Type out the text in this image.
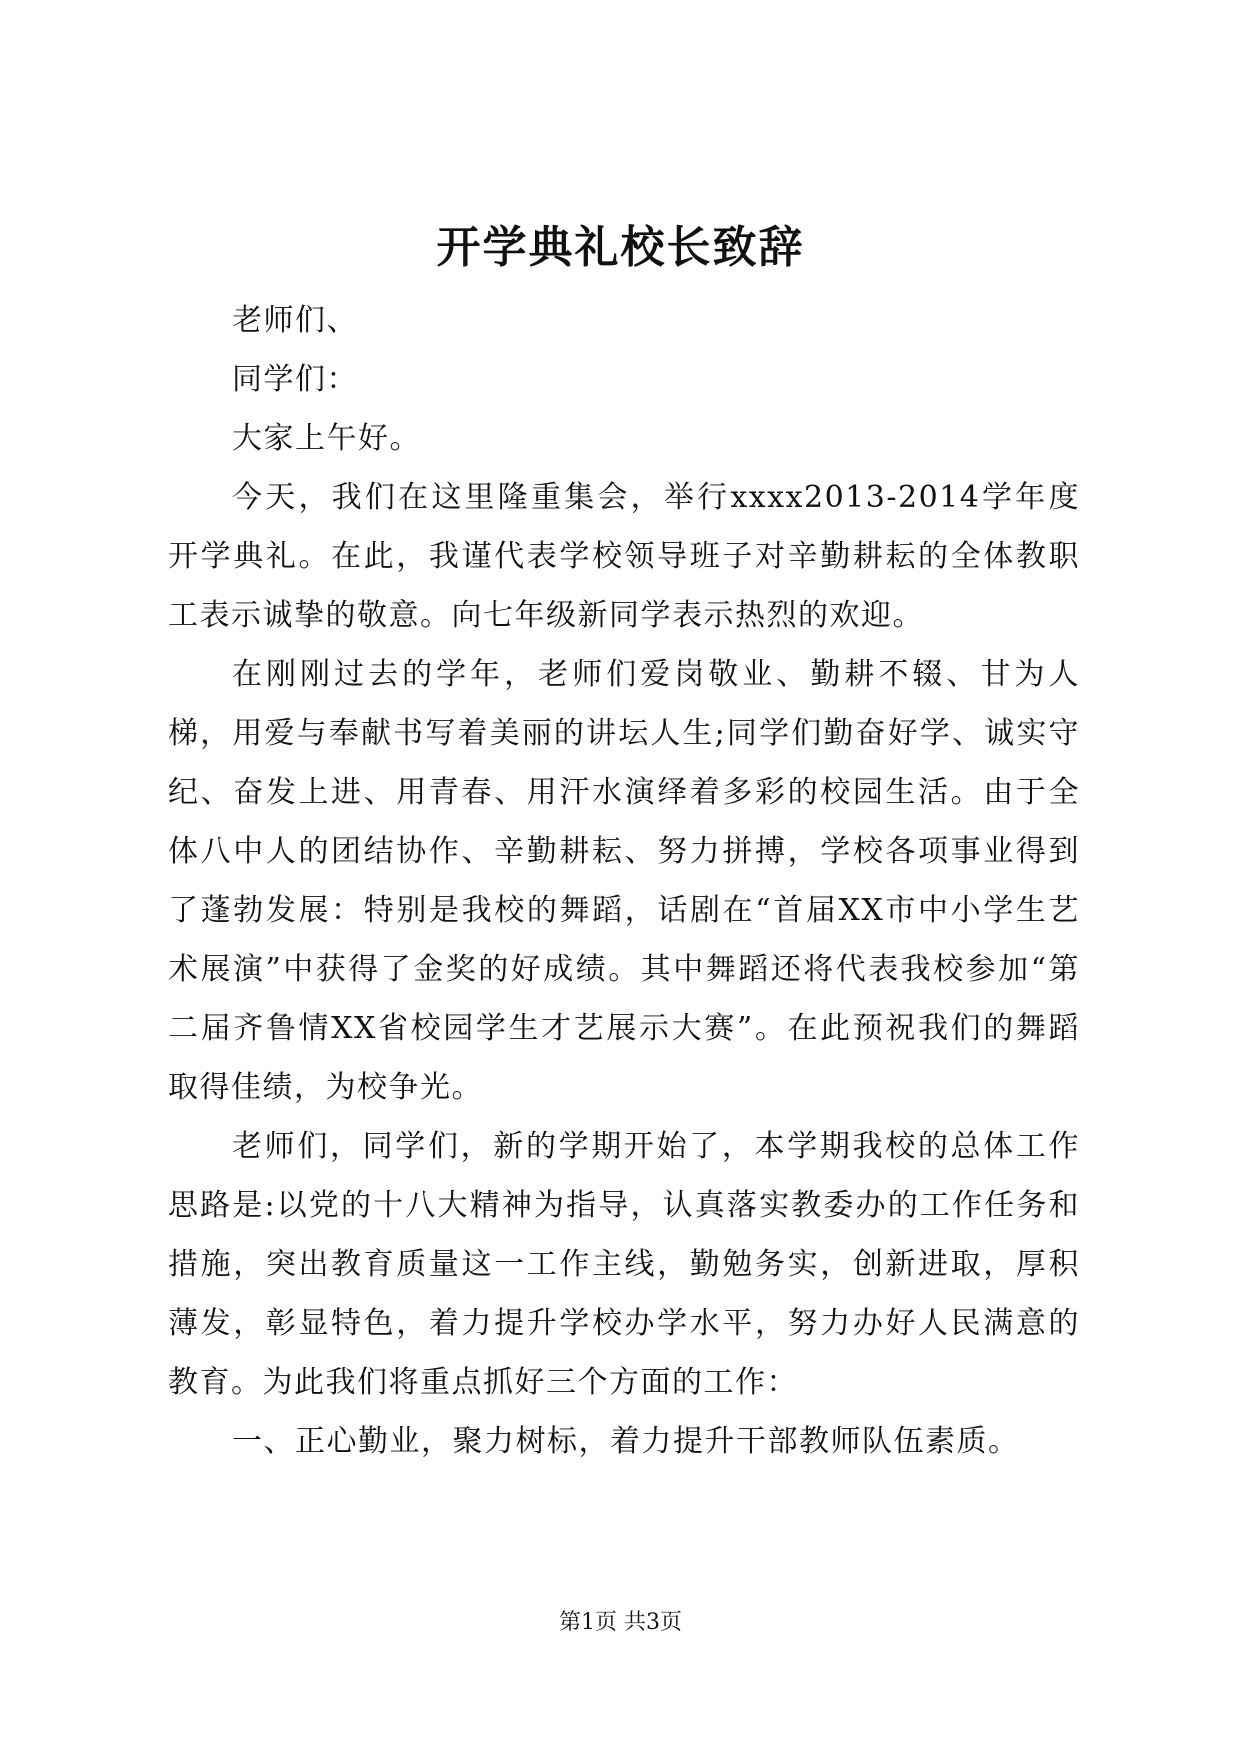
开学典礼校长致辞

老师们、

同学们：

大家上午好。

今天，我们在这里隆重集会，举行xxxx2013-2014学年度开学典礼。在此，我谨代表学校领导班子对辛勤耕耘的全体教职工表示诚挚的敬意。向七年级新同学表示热烈的欢迎。

在刚刚过去的学年，老师们爱岗敬业、勤耕不辍、甘为人梯，用爱与奉献书写着美丽的讲坛人生;同学们勤奋好学、诚实守纪、奋发上进、用青春、用汗水演绎着多彩的校园生活。由于全体八中人的团结协作、辛勤耕耘、努力拼搏，学校各项事业得到了蓬勃发展：特别是我校的舞蹈，话剧在“首届XX市中小学生艺术展演”中获得了金奖的好成绩。其中舞蹈还将代表我校参加“第二届齐鲁情XX省校园学生才艺展示大赛”。在此预祝我们的舞蹈取得佳绩，为校争光。

老师们，同学们，新的学期开始了，本学期我校的总体工作思路是:以党的十八大精神为指导，认真落实教委办的工作任务和措施，突出教育质量这一工作主线，勤勉务实，创新进取，厚积薄发，彰显特色，着力提升学校办学水平，努力办好人民满意的教育。为此我们将重点抓好三个方面的工作：

一、正心勤业，聚力树标，着力提升干部教师队伍素质。

第1页 共3页
